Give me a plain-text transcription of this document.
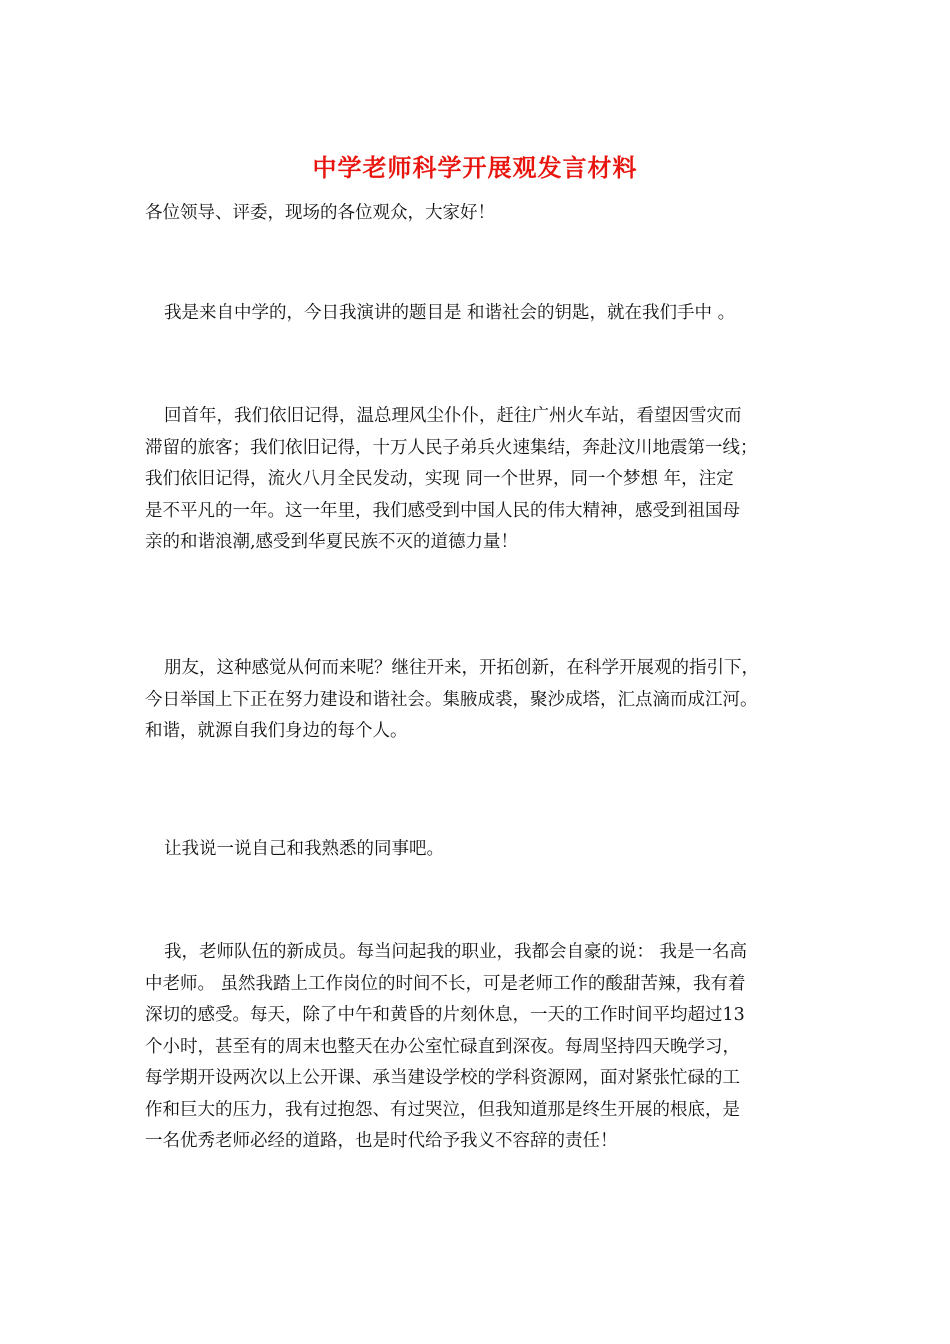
中学老师科学开展观发言材料

各位领导、评委，现场的各位观众，大家好！

我是来自中学的，今日我演讲的题目是 和谐社会的钥匙，就在我们手中 。

回首年，我们依旧记得，温总理风尘仆仆，赶往广州火车站，看望因雪灾而
滞留的旅客；我们依旧记得，十万人民子弟兵火速集结，奔赴汶川地震第一线；
我们依旧记得，流火八月全民发动，实现 同一个世界，同一个梦想 年，注定
是不平凡的一年。这一年里，我们感受到中国人民的伟大精神，感受到祖国母
亲的和谐浪潮,感受到华夏民族不灭的道德力量！

朋友，这种感觉从何而来呢？继往开来，开拓创新，在科学开展观的指引下，
今日举国上下正在努力建设和谐社会。集腋成裘，聚沙成塔，汇点滴而成江河。
和谐，就源自我们身边的每个人。

让我说一说自己和我熟悉的同事吧。

我，老师队伍的新成员。每当问起我的职业，我都会自豪的说： 我是一名高
中老师。 虽然我踏上工作岗位的时间不长，可是老师工作的酸甜苦辣，我有着
深切的感受。每天，除了中午和黄昏的片刻休息，一天的工作时间平均超过13
个小时，甚至有的周末也整天在办公室忙碌直到深夜。每周坚持四天晚学习，
每学期开设两次以上公开课、承当建设学校的学科资源网，面对紧张忙碌的工
作和巨大的压力，我有过抱怨、有过哭泣，但我知道那是终生开展的根底，是
一名优秀老师必经的道路，也是时代给予我义不容辞的责任！
